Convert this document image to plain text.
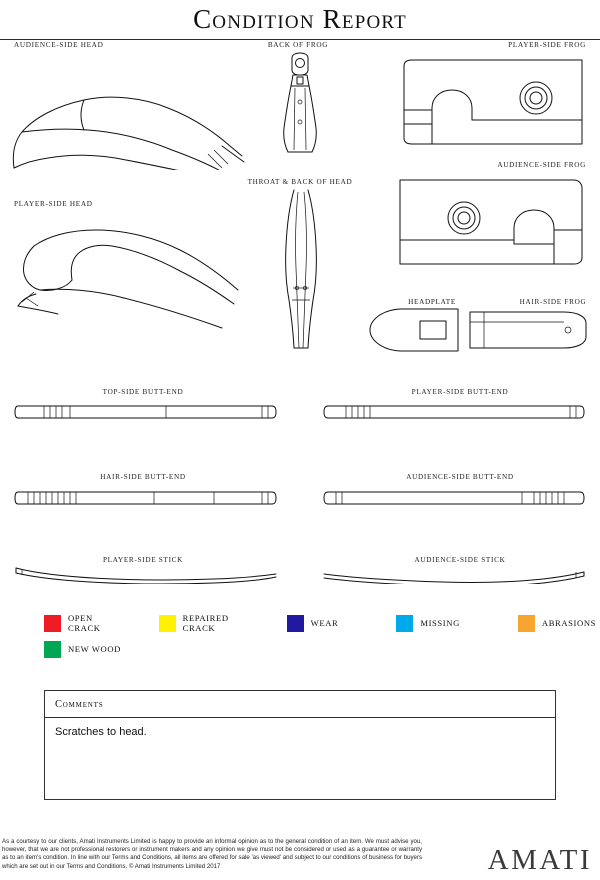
Condition Report
AUDIENCE-SIDE HEAD	BACK OF FROG	PLAYER-SIDE FROG
AUDIENCE-SIDE FROG
PLAYER-SIDE HEAD
THROAT & BACK OF HEAD
HEADPLATE	HAIR-SIDE FROG
TOP-SIDE BUTT-END	PLAYER-SIDE BUTT-END
HAIR-SIDE BUTT-END	AUDIENCE-SIDE BUTT-END
PLAYER-SIDE STICK	AUDIENCE-SIDE STICK
OPEN CRACK
REPAIRED CRACK	WEAR	MISSING	ABRASIONS
NEW WOOD
Comments
Scratches to head.
As a courtesy to our clients, Amati Instruments Limited is happy to provide an informal opinion as to the general condition of an item. We must advise you, however, that we are not professional restorers or instrument makers and any opinion we give must not be considered or used as a guarantee or warranty as to an item's condition. In line with our Terms and Conditions, all items are offered for sale 'as viewed' and subject to our conditions of business for buyers which are set out in our Terms and Conditions. © Amati Instruments Limited 2017	AMATI
